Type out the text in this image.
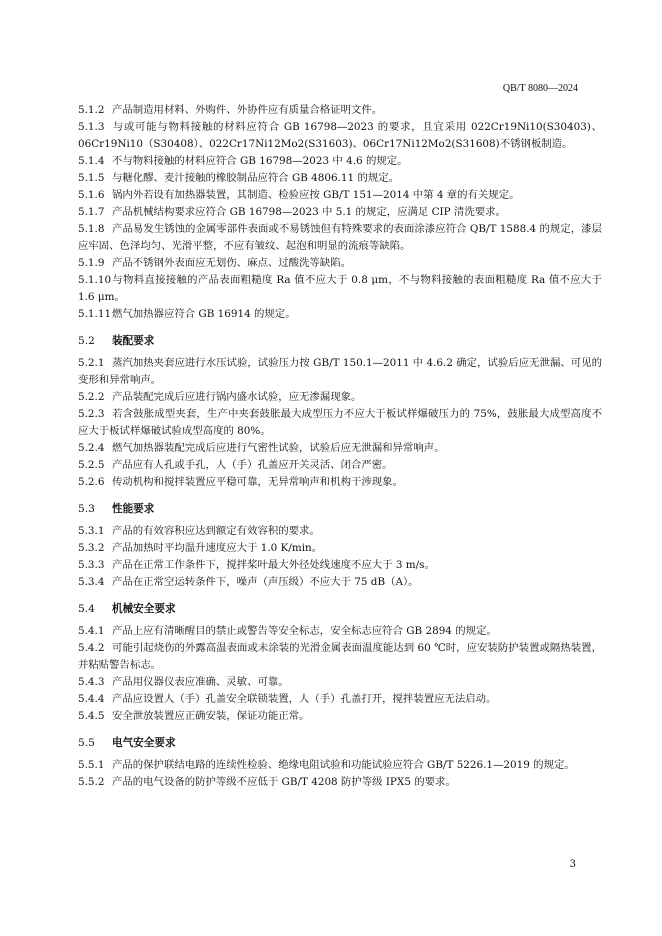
QB/T 8080—2024

5.1.2 产品制造用材料、外购件、外协件应有质量合格证明文件。

5.1.3 与或可能与物料接触的材料应符合 GB 16798—2023 的要求，且宜采用 022Cr19Ni10(S30403)、06Cr19Ni10（S30408）、022Cr17Ni12Mo2(S31603)、06Cr17Ni12Mo2(S31608)不锈钢板制造。

5.1.4 不与物料接触的材料应符合 GB 16798—2023 中 4.6 的规定。

5.1.5 与糖化醪、麦汁接触的橡胶制品应符合 GB 4806.11 的规定。

5.1.6 锅内外若设有加热器装置，其制造、检验应按 GB/T 151—2014 中第 4 章的有关规定。

5.1.7 产品机械结构要求应符合 GB 16798—2023 中 5.1 的规定，应满足 CIP 清洗要求。

5.1.8 产品易发生锈蚀的金属零部件表面或不易锈蚀但有特殊要求的表面涂漆应符合 QB/T 1588.4 的规定，漆层应牢固、色泽均匀、光滑平整，不应有皱纹、起泡和明显的流痕等缺陷。

5.1.9 产品不锈钢外表面应无划伤、麻点、过酸洗等缺陷。

5.1.10与物料直接接触的产品表面粗糙度 Ra 值不应大于 0.8 μm，不与物料接触的表面粗糙度 Ra 值不应大于 1.6 μm。

5.1.11燃气加热器应符合 GB 16914 的规定。

5.2 装配要求

5.2.1 蒸汽加热夹套应进行水压试验，试验压力按 GB/T 150.1—2011 中 4.6.2 确定，试验后应无泄漏、可见的变形和异常响声。

5.2.2 产品装配完成后应进行锅内盛水试验，应无渗漏现象。

5.2.3 若含鼓胀成型夹套，生产中夹套鼓胀最大成型压力不应大于板试样爆破压力的 75%，鼓胀最大成型高度不应大于板试样爆破试验成型高度的 80%。

5.2.4 燃气加热器装配完成后应进行气密性试验，试验后应无泄漏和异常响声。

5.2.5 产品应有人孔或手孔，人（手）孔盖应开关灵活、闭合严密。

5.2.6 传动机构和搅拌装置应平稳可靠，无异常响声和机构干涉现象。

5.3 性能要求

5.3.1 产品的有效容积应达到额定有效容积的要求。

5.3.2 产品加热时平均温升速度应大于 1.0 K/min。

5.3.3 产品在正常工作条件下，搅拌桨叶最大外径处线速度不应大于 3 m/s。

5.3.4 产品在正常空运转条件下，噪声（声压级）不应大于 75 dB（A）。

5.4 机械安全要求

5.4.1 产品上应有清晰醒目的禁止或警告等安全标志，安全标志应符合 GB 2894 的规定。

5.4.2 可能引起烧伤的外露高温表面或未涂装的光滑金属表面温度能达到 60 ℃时，应安装防护装置或隔热装置，并粘贴警告标志。

5.4.3 产品用仪器仪表应准确、灵敏、可靠。

5.4.4 产品应设置人（手）孔盖安全联锁装置，人（手）孔盖打开，搅拌装置应无法启动。

5.4.5 安全泄放装置应正确安装，保证功能正常。

5.5 电气安全要求

5.5.1 产品的保护联结电路的连续性检验、绝缘电阻试验和功能试验应符合 GB/T 5226.1—2019 的规定。

5.5.2 产品的电气设备的防护等级不应低于 GB/T 4208 防护等级 IPX5 的要求。

3
